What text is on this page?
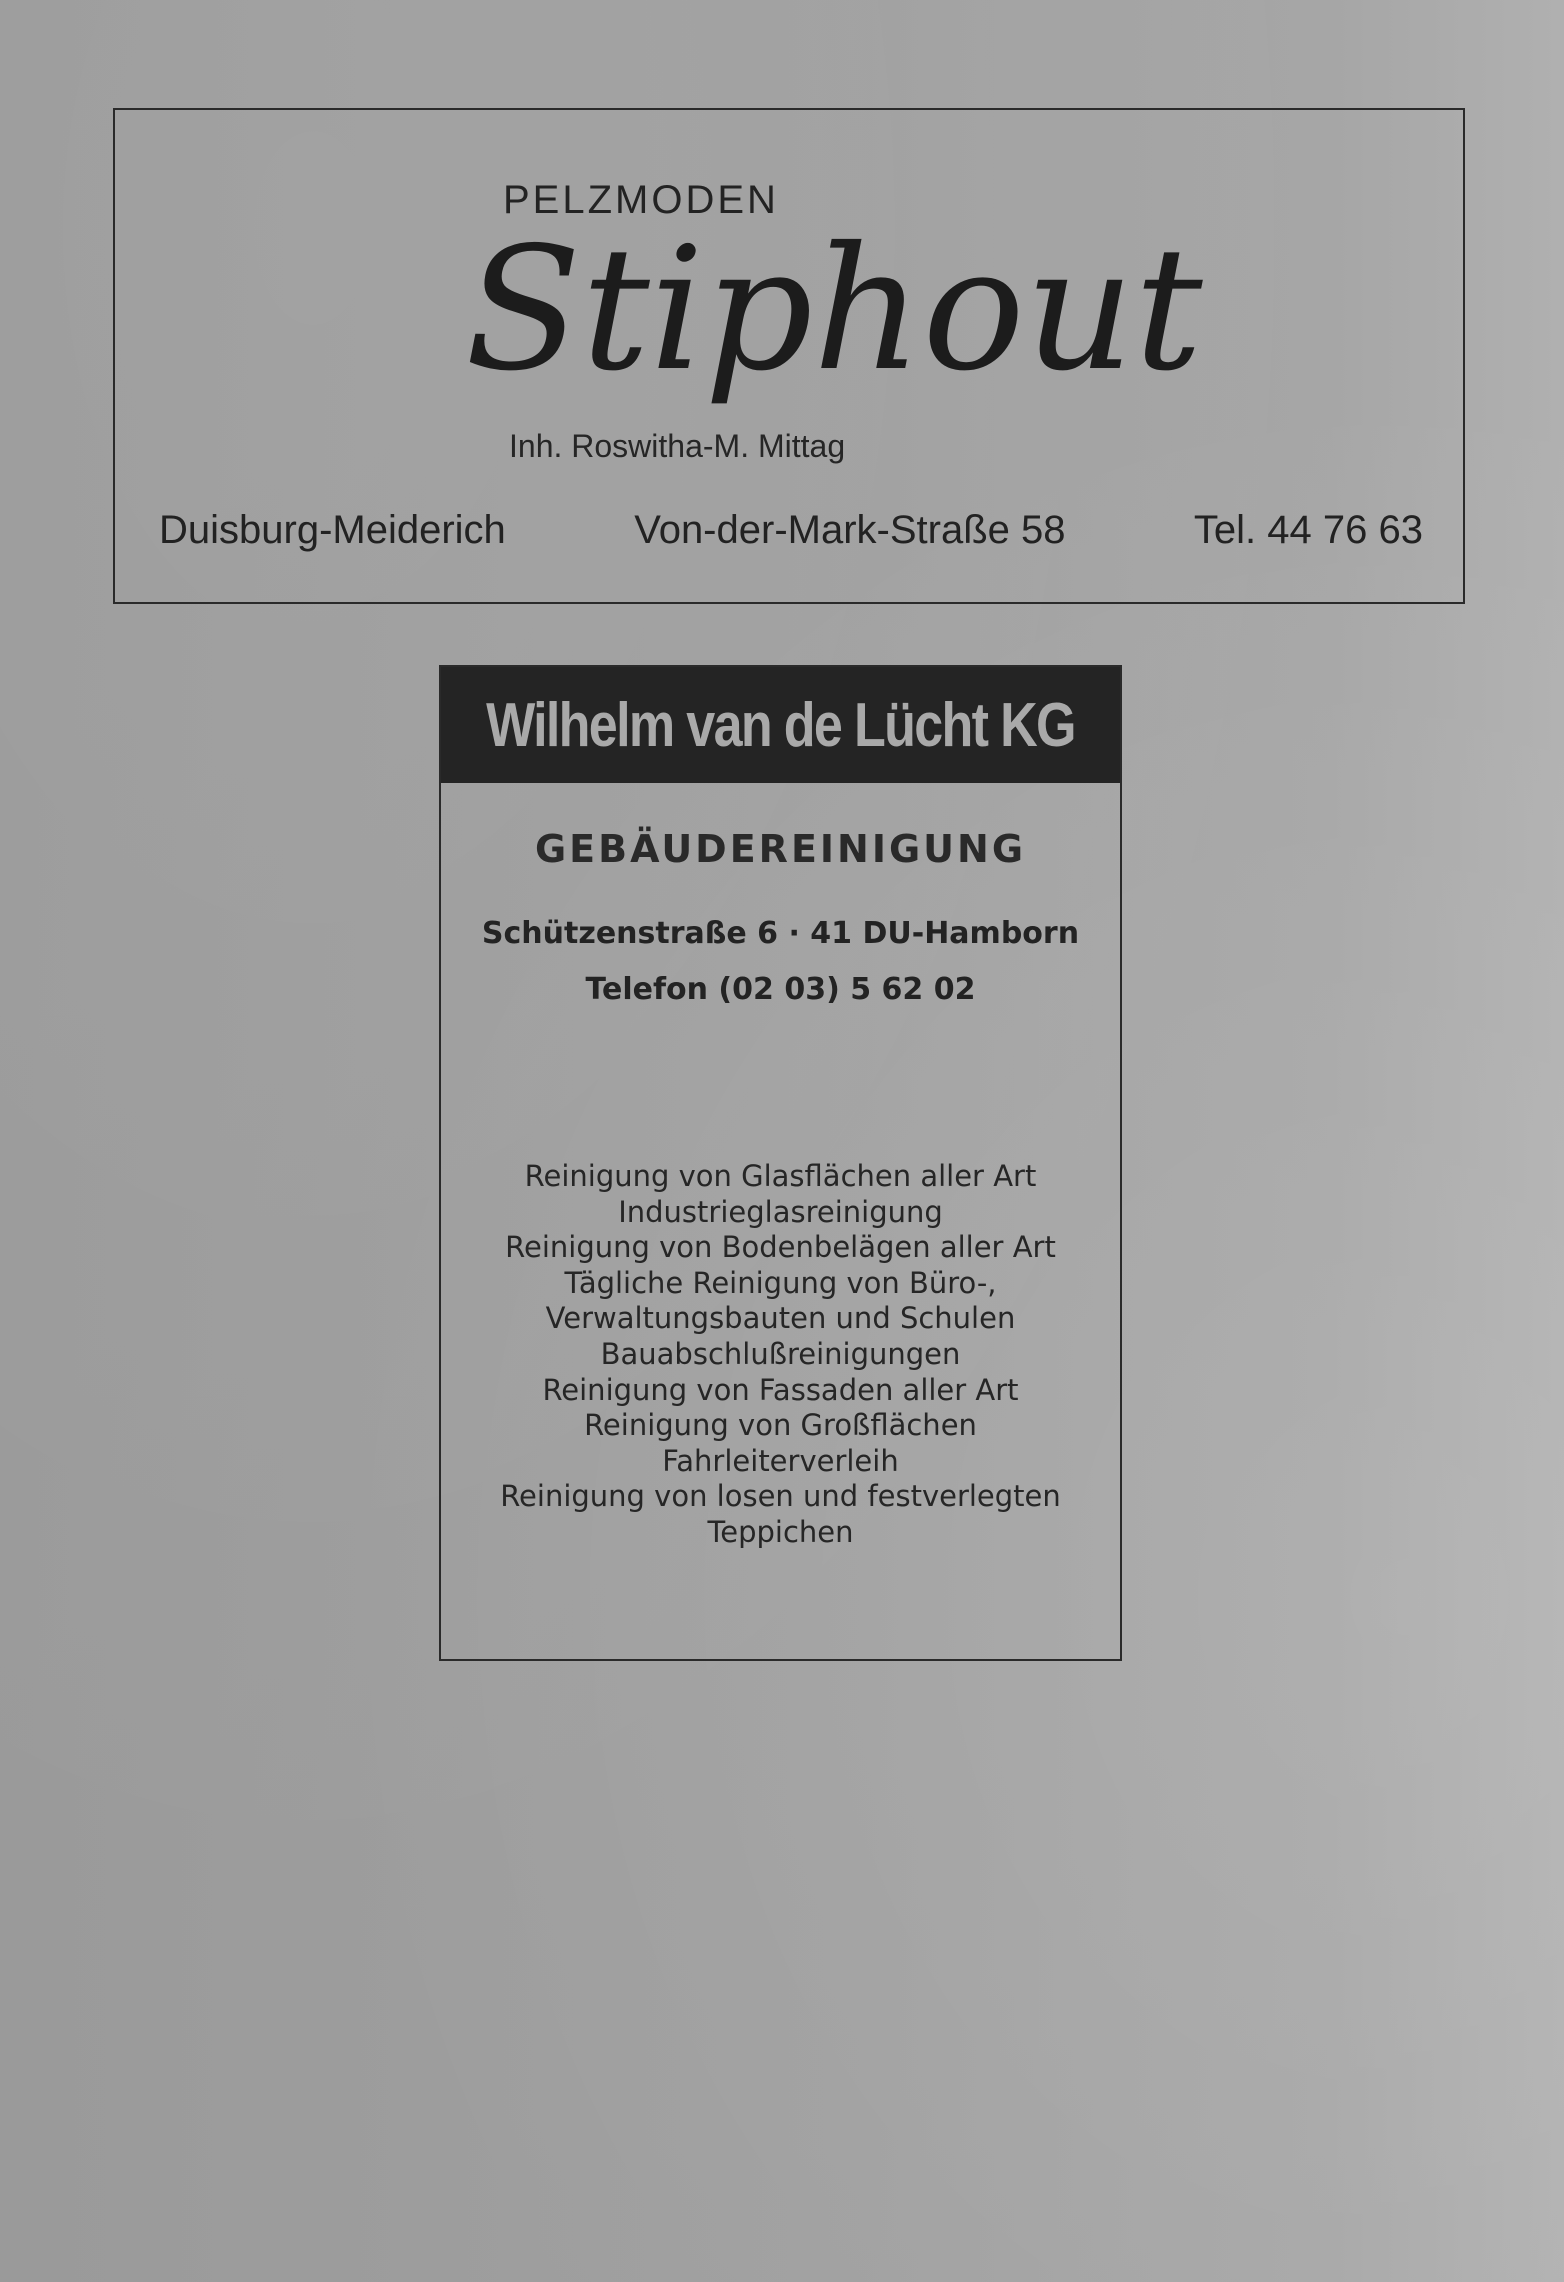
PELZMODEN
Stiphout
Inh. Roswitha-M. Mittag
Duisburg-Meiderich	Von-der-Mark-Straße 58	Tel. 44 76 63
Wilhelm van de Lücht KG
GEBÄUDEREINIGUNG
Schützenstraße 6 · 41 DU-Hamborn
Telefon (02 03) 5 62 02
Reinigung von Glasflächen aller Art
Industrieglasreinigung
Reinigung von Bodenbelägen aller Art
Tägliche Reinigung von Büro-,
Verwaltungsbauten und Schulen
Bauabschlußreinigungen
Reinigung von Fassaden aller Art
Reinigung von Großflächen
Fahrleiterverleih
Reinigung von losen und festverlegten
Teppichen
